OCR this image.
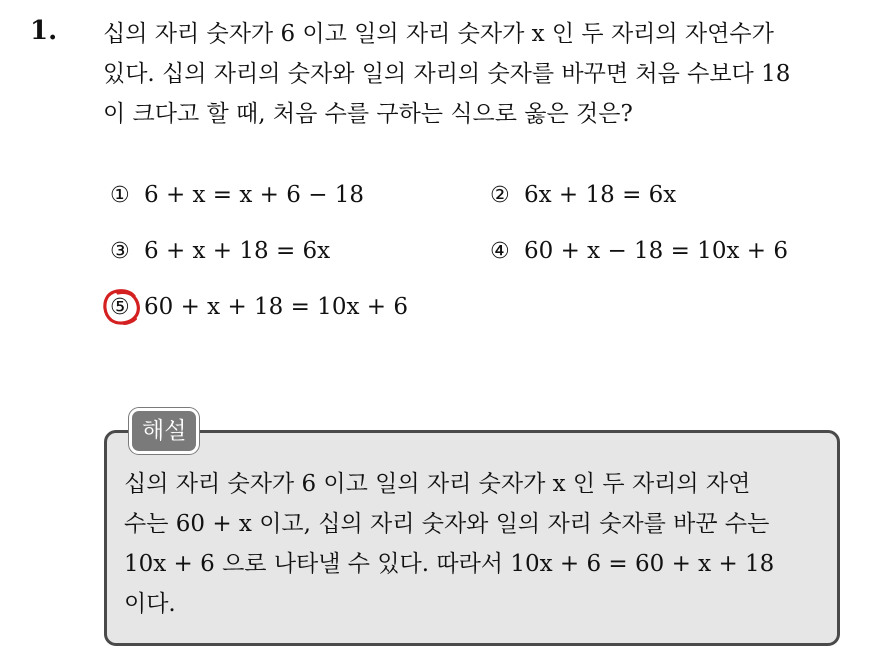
1. 십의 자리 숫자가 6 이고 일의 자리 숫자가 x 인 두 자리의 자연수가
있다. 십의 자리의 숫자와 일의 자리의 숫자를 바꾸면 처음 수보다 18
이 크다고 할 때, 처음 수를 구하는 식으로 옳은 것은?
① 6 + x = x + 6 − 18	② 6x + 18 = 6x
③ 6 + x + 18 = 6x	④ 60 + x − 18 = 10x + 6
⑤ 60 + x + 18 = 10x + 6
해설
십의 자리 숫자가 6 이고 일의 자리 숫자가 x 인 두 자리의 자연
수는 60 + x 이고, 십의 자리 숫자와 일의 자리 숫자를 바꾼 수는
10x + 6 으로 나타낼 수 있다. 따라서 10x + 6 = 60 + x + 18
이다.
